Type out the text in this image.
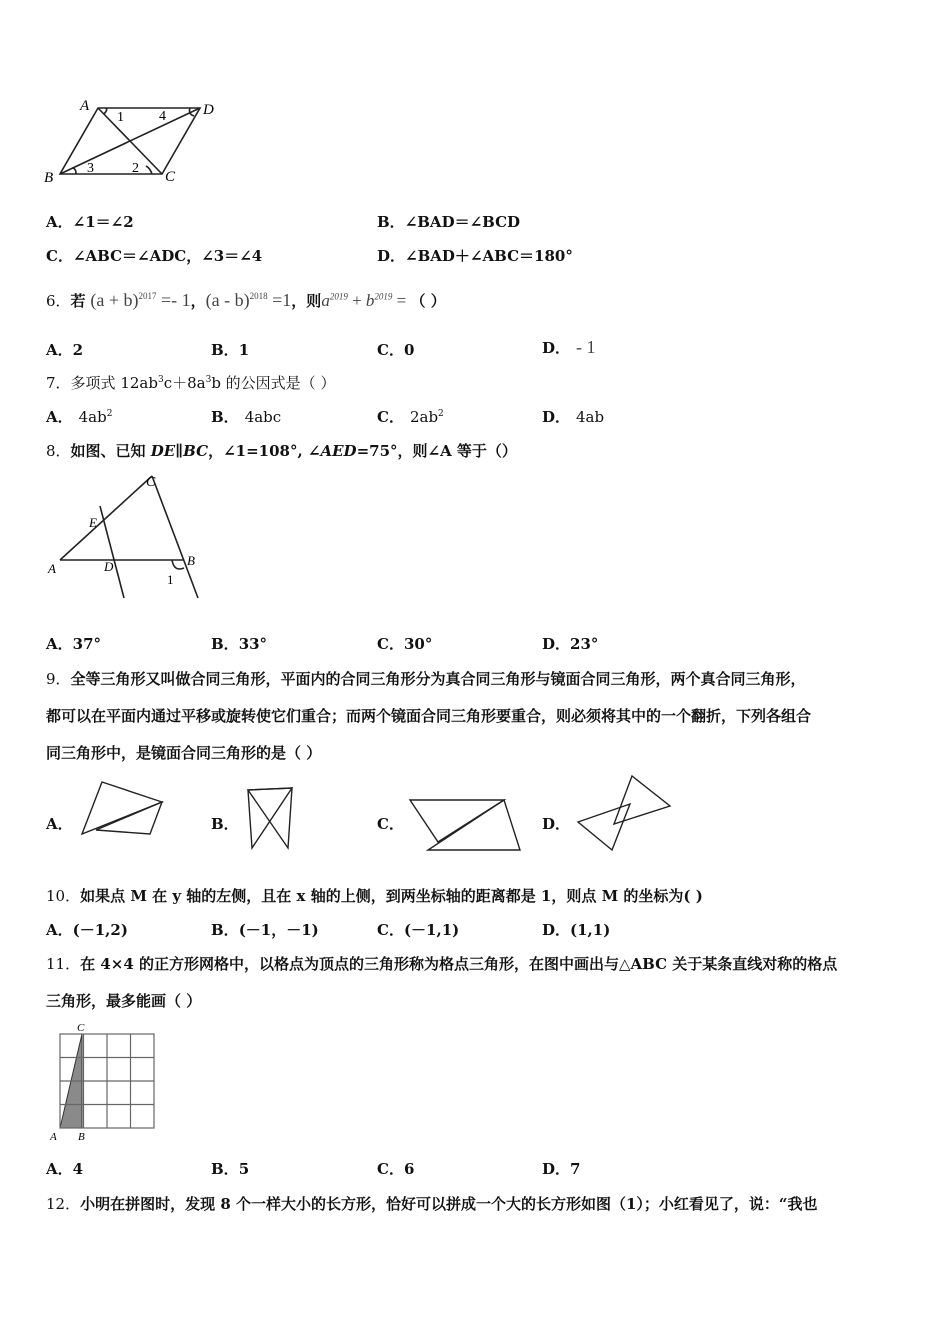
A	D
B	C
1	4
3	2
A．∠1＝∠2	B．∠BAD＝∠BCD
C．∠ABC＝∠ADC，∠3＝∠4	D．∠BAD＋∠ABC＝180°
6．若 $(a + b)^{2017} =- 1$，(a - b)$^{2018}$ =1，则$a^{2019} + b^{2019}$ = （ ）
A．2	B．1	C．0	D． - 1
7．多项式 $12ab^3c+8a^3b$ 的公因式是（ ）
A． $4ab^2$	B． 4abc	C． $2ab^2$	D． 4ab
8．如图、已知 DE∥BC，∠1=108°, ∠AED=75°，则∠A 等于（）
C
E
A	D	B
1
A．37°	B．33°	C．30°	D．23°
9．全等三角形又叫做合同三角形，平面内的合同三角形分为真合同三角形与镜面合同三角形，两个真合同三角形，
都可以在平面内通过平移或旋转使它们重合；而两个镜面合同三角形要重合，则必须将其中的一个翻折，下列各组合
同三角形中，是镜面合同三角形的是（ ）
A．	B．	C．	D．
10．如果点 M 在 y 轴的左侧，且在 x 轴的上侧，到两坐标轴的距离都是 1，则点 M 的坐标为( )
A．(－1,2)	B．(－1，－1)	C．(－1,1)	D．(1,1)
11．在 4×4 的正方形网格中，以格点为顶点的三角形称为格点三角形，在图中画出与△ABC 关于某条直线对称的格点
三角形，最多能画（ ）
C
A B
A．4	B．5	C．6	D．7
12．小明在拼图时，发现 8 个一样大小的长方形，恰好可以拼成一个大的长方形如图（1）；小红看见了，说：“我也
